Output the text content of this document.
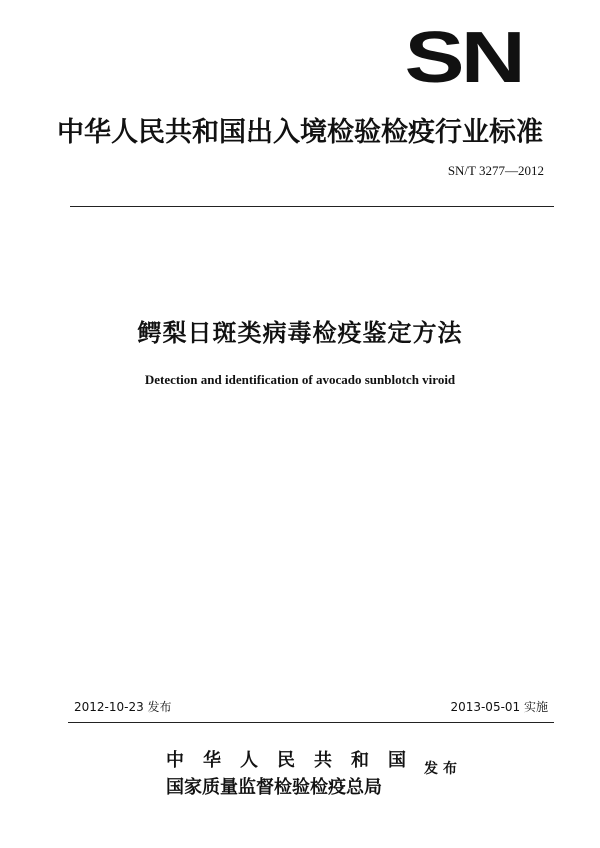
SN
中华人民共和国出入境检验检疫行业标准
SN/T 3277—2012
鳄梨日斑类病毒检疫鉴定方法
Detection and identification of avocado sunblotch viroid
2012-10-23 发布	2013-05-01 实施
中华人民共和国
国家质量监督检验检疫总局
发布
